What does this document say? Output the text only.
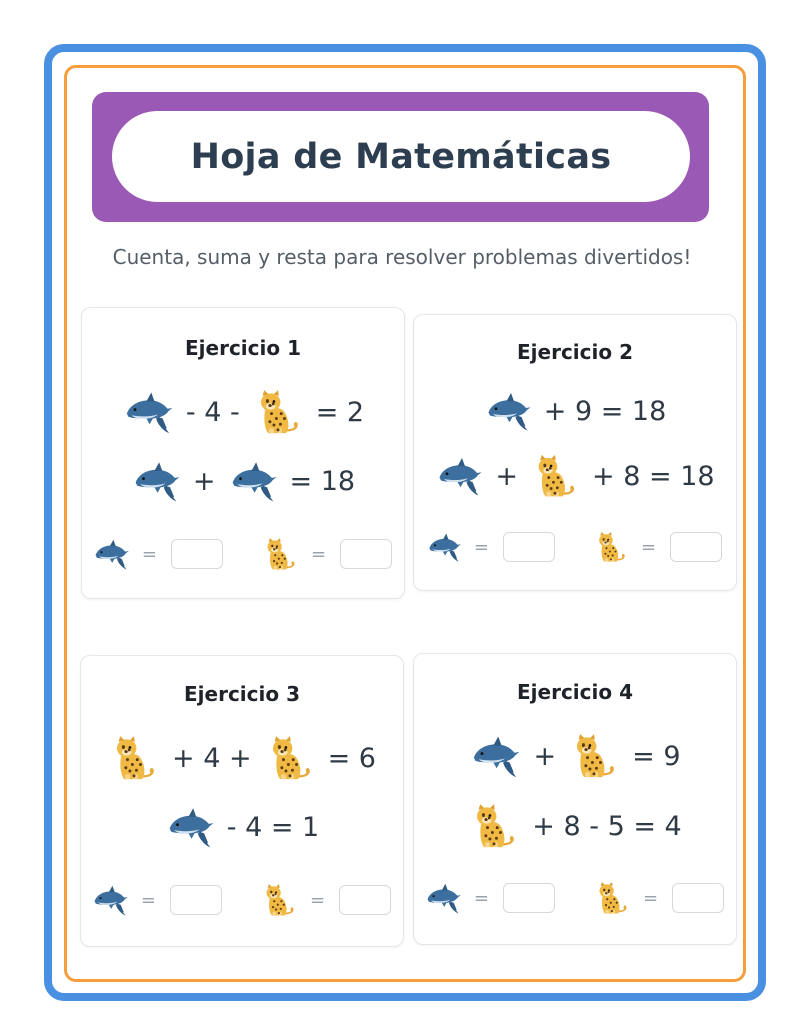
Hoja de Matemáticas
Cuenta, suma y resta para resolver problemas divertidos!
Ejercicio 1
- 4 -	= 2
+	= 18
=	=
Ejercicio 2
+ 9 = 18
+	+ 8 = 18
=	=
Ejercicio 3
+ 4 +	= 6
- 4 = 1
=	=
Ejercicio 4
+	= 9
+ 8 - 5 = 4
=	=
